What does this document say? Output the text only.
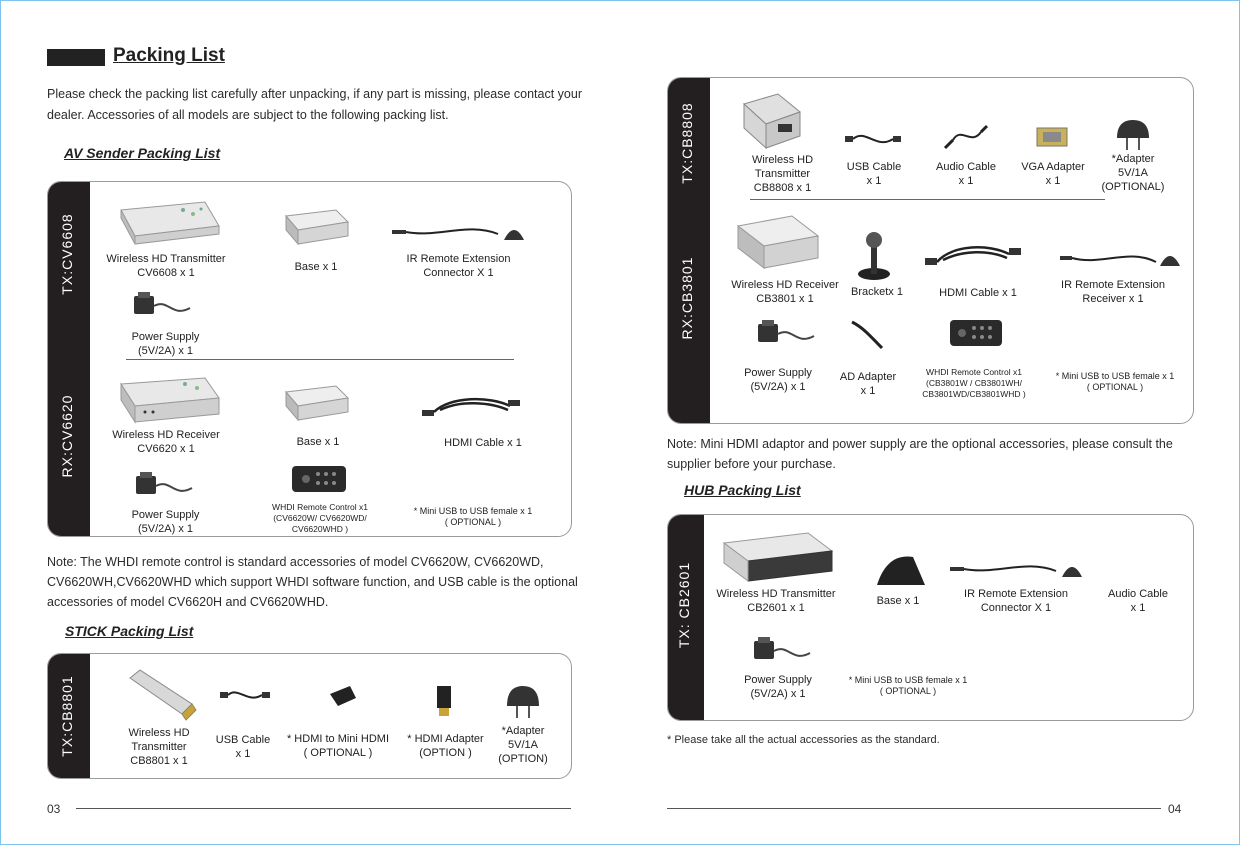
Packing List
Please check the packing list carefully after unpacking, if any part is missing, please contact your dealer. Accessories of all models are subject to the following packing list.
AV Sender Packing List
TX:CV6608
RX:CV6620
Wireless HD Transmitter
CV6608 x 1	Base x 1
IR Remote Extension
Connector X 1
Power Supply
(5V/2A) x 1
Wireless HD Receiver
CV6620 x 1
Base x 1	HDMI Cable x 1
Power Supply
(5V/2A) x 1
WHDI Remote Control x1
(CV6620W/ CV6620WD/
CV6620WHD )
* Mini USB to USB female x 1
( OPTIONAL )
Note: The WHDI remote control is standard accessories of model CV6620W, CV6620WD, CV6620WH,CV6620WHD which support WHDI software function, and USB cable is the optional accessories of model CV6620H and CV6620WHD.
STICK Packing List
TX:CB8801	Wireless HD
Transmitter
CB8801 x 1
USB Cable
x 1
* HDMI to Mini HDMI
( OPTIONAL )
* HDMI Adapter
(OPTION )
*Adapter
5V/1A
(OPTION)
03
TX:CB8808
RX:CB3801
Wireless HD
Transmitter
CB8808 x 1
USB Cable
x 1
Audio Cable
x 1
VGA Adapter
x 1
*Adapter
5V/1A
(OPTIONAL)
Wireless HD Receiver
CB3801 x 1
Bracketx 1	HDMI Cable x 1
IR Remote Extension
Receiver x 1
Power Supply
(5V/2A) x 1
AD Adapter
x 1
WHDI Remote Control x1
(CB3801W / CB3801WH/
CB3801WD/CB3801WHD )
* Mini USB to USB female x 1
( OPTIONAL )
Note: Mini HDMI adaptor and power supply are the optional accessories, please consult the supplier before your purchase.
HUB Packing List
TX: CB2601	Wireless HD Transmitter
CB2601 x 1
Base x 1
IR Remote Extension
Connector X 1
Audio Cable
x 1
Power Supply
(5V/2A) x 1
* Mini USB to USB female x 1
( OPTIONAL )
* Please take all the actual accessories as the standard.
04
